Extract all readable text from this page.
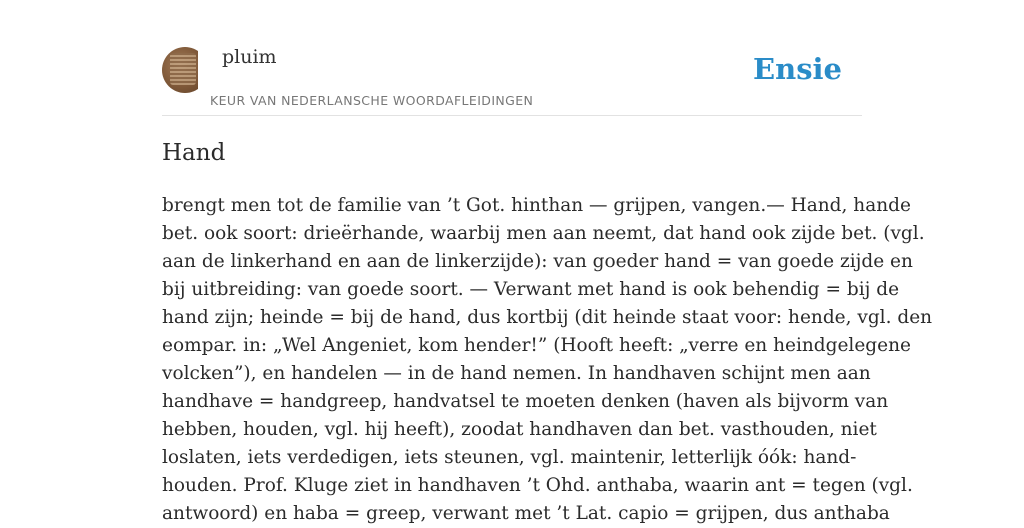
pluim
KEUR VAN NEDERLANSCHE WOORDAFLEIDINGEN
Ensie
Hand
brengt men tot de familie van ’t Got. hinthan — grijpen, vangen.— Hand, hande
bet. ook soort: drieërhande, waarbij men aan neemt, dat hand ook zijde bet. (vgl.
aan de linkerhand en aan de linkerzijde): van goeder hand = van goede zijde en
bij uitbreiding: van goede soort. — Verwant met hand is ook behendig = bij de
hand zijn; heinde = bij de hand, dus kortbij (dit heinde staat voor: hende, vgl. den
eompar. in: „Wel Angeniet, kom hender!” (Hooft heeft: „verre en heindgelegene
volcken”), en handelen — in de hand nemen. In handhaven schijnt men aan
handhave = handgreep, handvatsel te moeten denken (haven als bijvorm van
hebben, houden, vgl. hij heeft), zoodat handhaven dan bet. vasthouden, niet
loslaten, iets verdedigen, iets steunen, vgl. maintenir, letterlijk óók: hand-
houden. Prof. Kluge ziet in handhaven ’t Ohd. anthaba, waarin ant = tegen (vgl.
antwoord) en haba = greep, verwant met ’t Lat. capio = grijpen, dus anthaba
